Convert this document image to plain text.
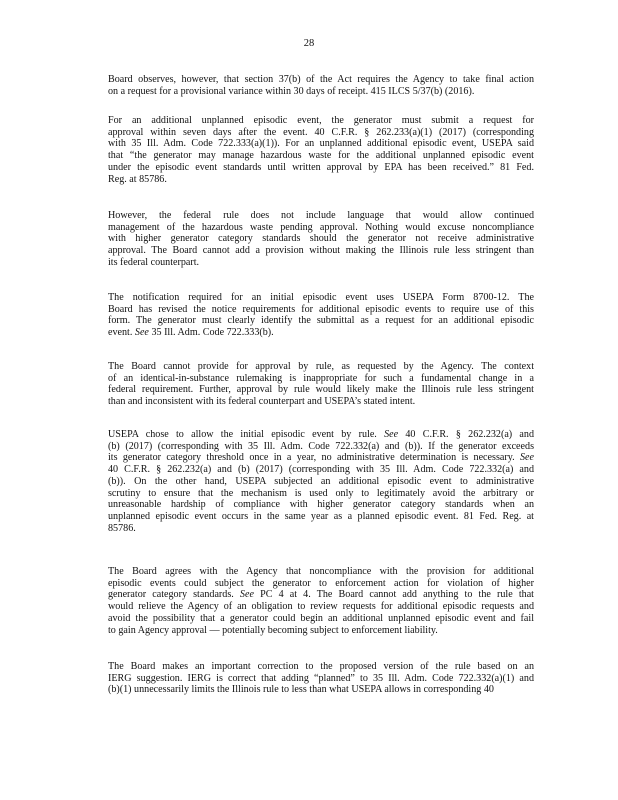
28
Board observes, however, that section 37(b) of the Act requires the Agency to take final action
on a request for a provisional variance within 30 days of receipt. 415 ILCS 5/37(b) (2016).
For an additional unplanned episodic event, the generator must submit a request for
approval within seven days after the event. 40 C.F.R. § 262.233(a)(1) (2017) (corresponding
with 35 Ill. Adm. Code 722.333(a)(1)). For an unplanned additional episodic event, USEPA said
that “the generator may manage hazardous waste for the additional unplanned episodic event
under the episodic event standards until written approval by EPA has been received.” 81 Fed.
Reg. at 85786.
However, the federal rule does not include language that would allow continued
management of the hazardous waste pending approval. Nothing would excuse noncompliance
with higher generator category standards should the generator not receive administrative
approval. The Board cannot add a provision without making the Illinois rule less stringent than
its federal counterpart.
The notification required for an initial episodic event uses USEPA Form 8700-12. The
Board has revised the notice requirements for additional episodic events to require use of this
form. The generator must clearly identify the submittal as a request for an additional episodic
event. See 35 Ill. Adm. Code 722.333(b).
The Board cannot provide for approval by rule, as requested by the Agency. The context
of an identical-in-substance rulemaking is inappropriate for such a fundamental change in a
federal requirement. Further, approval by rule would likely make the Illinois rule less stringent
than and inconsistent with its federal counterpart and USEPA’s stated intent.
USEPA chose to allow the initial episodic event by rule. See 40 C.F.R. § 262.232(a) and
(b) (2017) (corresponding with 35 Ill. Adm. Code 722.332(a) and (b)). If the generator exceeds
its generator category threshold once in a year, no administrative determination is necessary. See
40 C.F.R. § 262.232(a) and (b) (2017) (corresponding with 35 Ill. Adm. Code 722.332(a) and
(b)). On the other hand, USEPA subjected an additional episodic event to administrative
scrutiny to ensure that the mechanism is used only to legitimately avoid the arbitrary or
unreasonable hardship of compliance with higher generator category standards when an
unplanned episodic event occurs in the same year as a planned episodic event. 81 Fed. Reg. at
85786.
The Board agrees with the Agency that noncompliance with the provision for additional
episodic events could subject the generator to enforcement action for violation of higher
generator category standards. See PC 4 at 4. The Board cannot add anything to the rule that
would relieve the Agency of an obligation to review requests for additional episodic requests and
avoid the possibility that a generator could begin an additional unplanned episodic event and fail
to gain Agency approval — potentially becoming subject to enforcement liability.
The Board makes an important correction to the proposed version of the rule based on an
IERG suggestion. IERG is correct that adding “planned” to 35 Ill. Adm. Code 722.332(a)(1) and
(b)(1) unnecessarily limits the Illinois rule to less than what USEPA allows in corresponding 40
